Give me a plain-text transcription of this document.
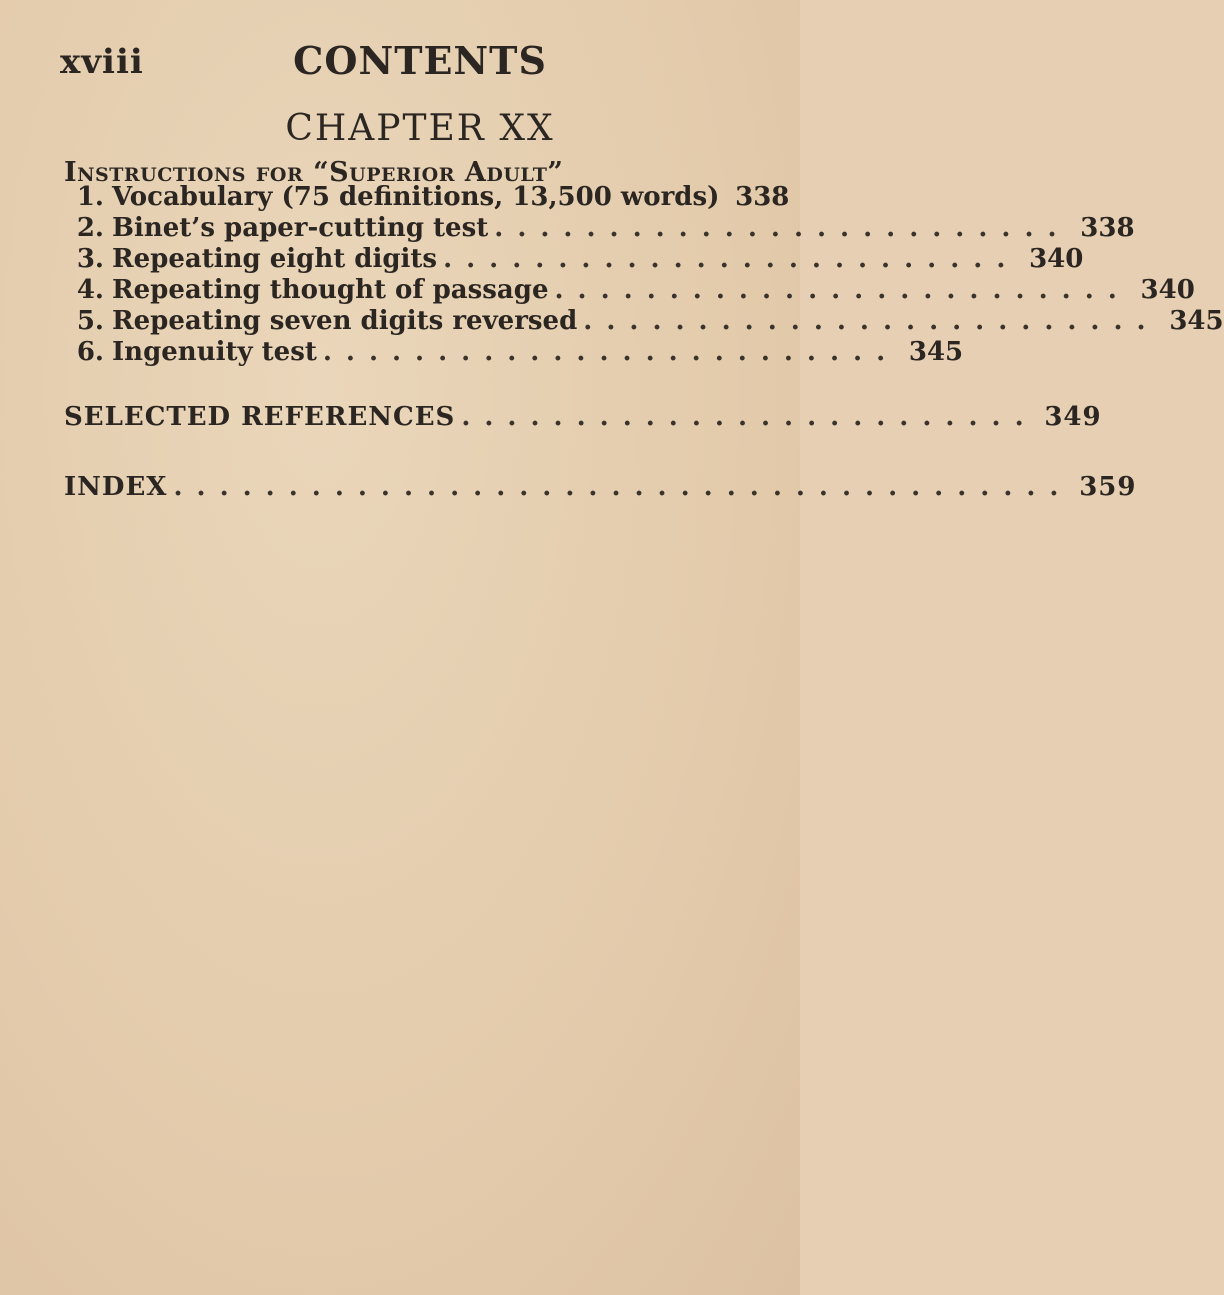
xviii	CONTENTS
CHAPTER XX
Instructions for “Superior Adult”
1. Vocabulary (75 definitions, 13,500 words) 338
2. Binet’s paper-cutting test ......................... 338
3. Repeating eight digits ......................... 340
4. Repeating thought of passage ......................... 340
5. Repeating seven digits reversed ......................... 345
6. Ingenuity test ......................... 345
SELECTED REFERENCES ......................... 349
INDEX ....................................... 359
